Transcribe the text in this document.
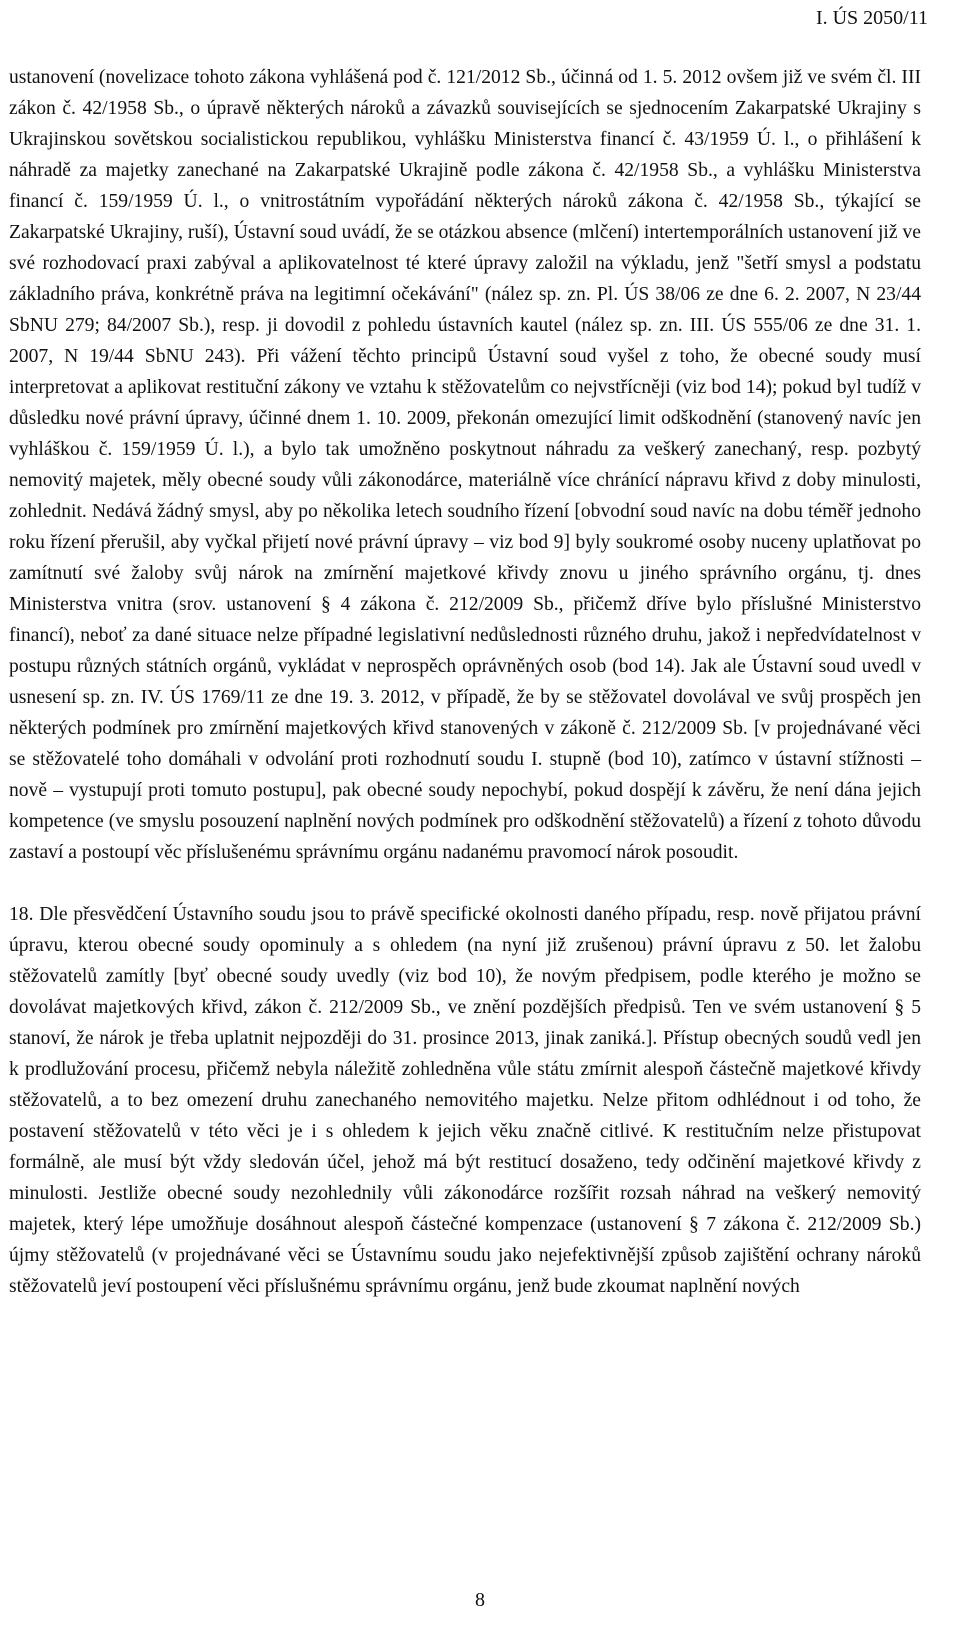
I. ÚS 2050/11

ustanovení (novelizace tohoto zákona vyhlášená pod č. 121/2012 Sb., účinná od 1. 5. 2012 ovšem již ve svém čl. III zákon č. 42/1958 Sb., o úpravě některých nároků a závazků souvisejících se sjednocením Zakarpatské Ukrajiny s Ukrajinskou sovětskou socialistickou republikou, vyhlášku Ministerstva financí č. 43/1959 Ú. l., o přihlášení k náhradě za majetky zanechané na Zakarpatské Ukrajině podle zákona č. 42/1958 Sb., a vyhlášku Ministerstva financí č. 159/1959 Ú. l., o vnitrostátním vypořádání některých nároků zákona č. 42/1958 Sb., týkající se Zakarpatské Ukrajiny, ruší), Ústavní soud uvádí, že se otázkou absence (mlčení) intertemporálních ustanovení již ve své rozhodovací praxi zabýval a aplikovatelnost té které úpravy založil na výkladu, jenž "šetří smysl a podstatu základního práva, konkrétně práva na legitimní očekávání" (nález sp. zn. Pl. ÚS 38/06 ze dne 6. 2. 2007, N 23/44 SbNU 279; 84/2007 Sb.), resp. ji dovodil z pohledu ústavních kautel (nález sp. zn. III. ÚS 555/06 ze dne 31. 1. 2007, N 19/44 SbNU 243). Při vážení těchto principů Ústavní soud vyšel z toho, že obecné soudy musí interpretovat a aplikovat restituční zákony ve vztahu k stěžovatelům co nejvstřícněji (viz bod 14); pokud byl tudíž v důsledku nové právní úpravy, účinné dnem 1. 10. 2009, překonán omezující limit odškodnění (stanovený navíc jen vyhláškou č. 159/1959 Ú. l.), a bylo tak umožněno poskytnout náhradu za veškerý zanechaný, resp. pozbytý nemovitý majetek, měly obecné soudy vůli zákonodárce, materiálně více chránící nápravu křivd z doby minulosti, zohlednit. Nedává žádný smysl, aby po několika letech soudního řízení [obvodní soud navíc na dobu téměř jednoho roku řízení přerušil, aby vyčkal přijetí nové právní úpravy – viz bod 9] byly soukromé osoby nuceny uplatňovat po zamítnutí své žaloby svůj nárok na zmírnění majetkové křivdy znovu u jiného správního orgánu, tj. dnes Ministerstva vnitra (srov. ustanovení § 4 zákona č. 212/2009 Sb., přičemž dříve bylo příslušné Ministerstvo financí), neboť za dané situace nelze případné legislativní nedůslednosti různého druhu, jakož i nepředvídatelnost v postupu různých státních orgánů, vykládat v neprospěch oprávněných osob (bod 14). Jak ale Ústavní soud uvedl v usnesení sp. zn. IV. ÚS 1769/11 ze dne 19. 3. 2012, v případě, že by se stěžovatel dovolával ve svůj prospěch jen některých podmínek pro zmírnění majetkových křivd stanovených v zákoně č. 212/2009 Sb. [v projednávané věci se stěžovatelé toho domáhali v odvolání proti rozhodnutí soudu I. stupně (bod 10), zatímco v ústavní stížnosti – nově – vystupují proti tomuto postupu], pak obecné soudy nepochybí, pokud dospějí k závěru, že není dána jejich kompetence (ve smyslu posouzení naplnění nových podmínek pro odškodnění stěžovatelů) a řízení z tohoto důvodu zastaví a postoupí věc příslušenému správnímu orgánu nadanému pravomocí nárok posoudit.

18. Dle přesvědčení Ústavního soudu jsou to právě specifické okolnosti daného případu, resp. nově přijatou právní úpravu, kterou obecné soudy opominuly a s ohledem (na nyní již zrušenou) právní úpravu z 50. let žalobu stěžovatelů zamítly [byť obecné soudy uvedly (viz bod 10), že novým předpisem, podle kterého je možno se dovolávat majetkových křivd, zákon č. 212/2009 Sb., ve znění pozdějších předpisů. Ten ve svém ustanovení § 5 stanoví, že nárok je třeba uplatnit nejpozději do 31. prosince 2013, jinak zaniká.]. Přístup obecných soudů vedl jen k prodlužování procesu, přičemž nebyla náležitě zohledněna vůle státu zmírnit alespoň částečně majetkové křivdy stěžovatelů, a to bez omezení druhu zanechaného nemovitého majetku. Nelze přitom odhlédnout i od toho, že postavení stěžovatelů v této věci je i s ohledem k jejich věku značně citlivé. K restitučním nelze přistupovat formálně, ale musí být vždy sledován účel, jehož má být restitucí dosaženo, tedy odčinění majetkové křivdy z minulosti. Jestliže obecné soudy nezohlednily vůli zákonodárce rozšířit rozsah náhrad na veškerý nemovitý majetek, který lépe umožňuje dosáhnout alespoň částečné kompenzace (ustanovení § 7 zákona č. 212/2009 Sb.) újmy stěžovatelů (v projednávané věci se Ústavnímu soudu jako nejefektivnější způsob zajištění ochrany nároků stěžovatelů jeví postoupení věci příslušnému správnímu orgánu, jenž bude zkoumat naplnění nových

8
